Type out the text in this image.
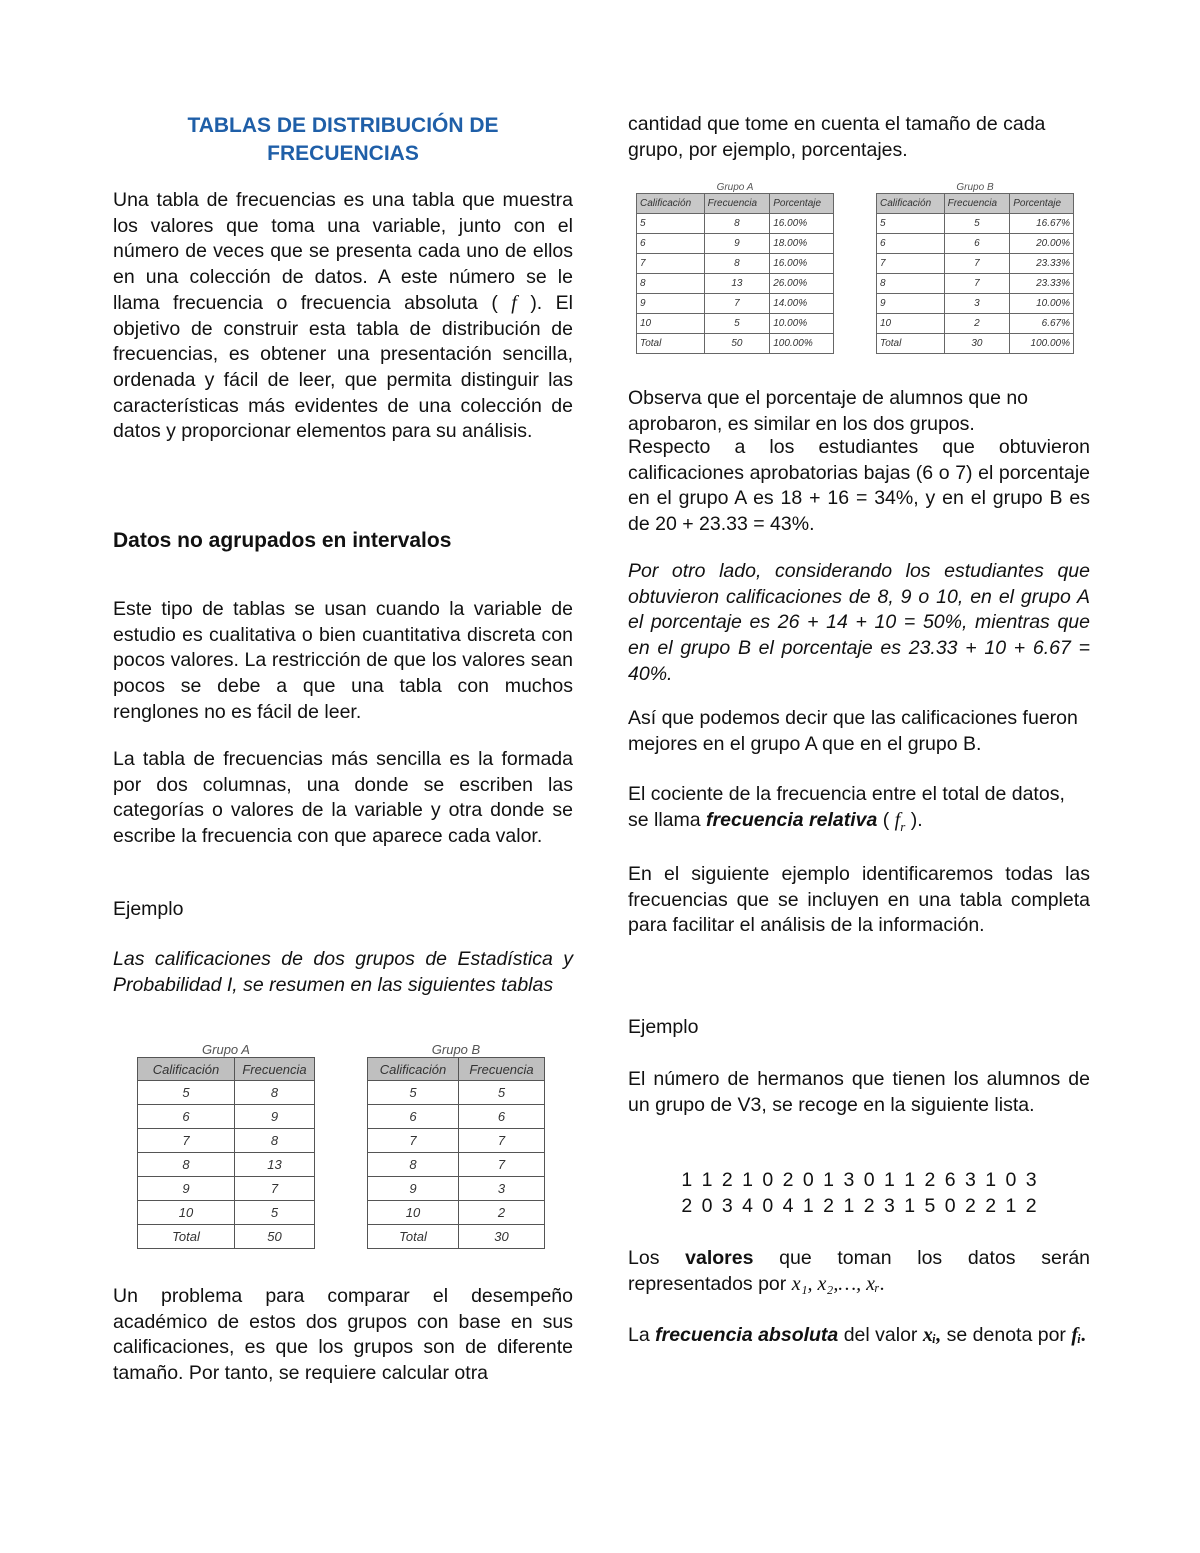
TABLAS DE DISTRIBUCIÓN DE FRECUENCIAS

Una tabla de frecuencias es una tabla que muestra los valores que toma una variable, junto con el número de veces que se presenta cada uno de ellos en una colección de datos. A este número se le llama frecuencia o frecuencia absoluta ( f ). El objetivo de construir esta tabla de distribución de frecuencias, es obtener una presentación sencilla, ordenada y fácil de leer, que permita distinguir las características más evidentes de una colección de datos y proporcionar elementos para su análisis.

Datos no agrupados en intervalos

Este tipo de tablas se usan cuando la variable de estudio es cualitativa o bien cuantitativa discreta con pocos valores. La restricción de que los valores sean pocos se debe a que una tabla con muchos renglones no es fácil de leer.

La tabla de frecuencias más sencilla es la formada por dos columnas, una donde se escriben las categorías o valores de la variable y otra donde se escribe la frecuencia con que aparece cada valor.

Ejemplo

Las calificaciones de dos grupos de Estadística y Probabilidad I, se resumen en las siguientes tablas

Grupo A
Calificación	Frecuencia
5	8
6	9
7	8
8	13
9	7
10	5
Total	50
Grupo B
Calificación	Frecuencia
5	5
6	6
7	7
8	7
9	3
10	2
Total	30

Un problema para comparar el desempeño académico de estos dos grupos con base en sus calificaciones, es que los grupos son de diferente tamaño. Por tanto, se requiere calcular otra

cantidad que tome en cuenta el tamaño de cada grupo, por ejemplo, porcentajes.

Grupo A
Calificación	Frecuencia	Porcentaje
5	8	16.00%
6	9	18.00%
7	8	16.00%
8	13	26.00%
9	7	14.00%
10	5	10.00%
Total	50	100.00%
Grupo B
Calificación	Frecuencia	Porcentaje
5	5	16.67%
6	6	20.00%
7	7	23.33%
8	7	23.33%
9	3	10.00%
10	2	6.67%
Total	30	100.00%

Observa que el porcentaje de alumnos que no aprobaron, es similar en los dos grupos.

Respecto a los estudiantes que obtuvieron calificaciones aprobatorias bajas (6 o 7) el porcentaje en el grupo A es 18 + 16 = 34%, y en el grupo B es de 20 + 23.33 = 43%.

Por otro lado, considerando los estudiantes que obtuvieron calificaciones de 8, 9 o 10, en el grupo A el porcentaje es 26 + 14 + 10 = 50%, mientras que en el grupo B el porcentaje es 23.33 + 10 + 6.67 = 40%.

Así que podemos decir que las calificaciones fueron mejores en el grupo A que en el grupo B.

El cociente de la frecuencia entre el total de datos, se llama frecuencia relativa ( $f_r$ ).

En el siguiente ejemplo identificaremos todas las frecuencias que se incluyen en una tabla completa para facilitar el análisis de la información.

Ejemplo

El número de hermanos que tienen los alumnos de un grupo de V3, se recoge en la siguiente lista.

1 1 2 1 0 2 0 1 3 0 1 1 2 6 3 1 0 3

2 0 3 4 0 4 1 2 1 2 3 1 5 0 2 2 1 2

Los valores que toman los datos serán representados por x₁, x₂,…, xᵣ.

La frecuencia absoluta del valor xᵢ, se denota por fᵢ.
